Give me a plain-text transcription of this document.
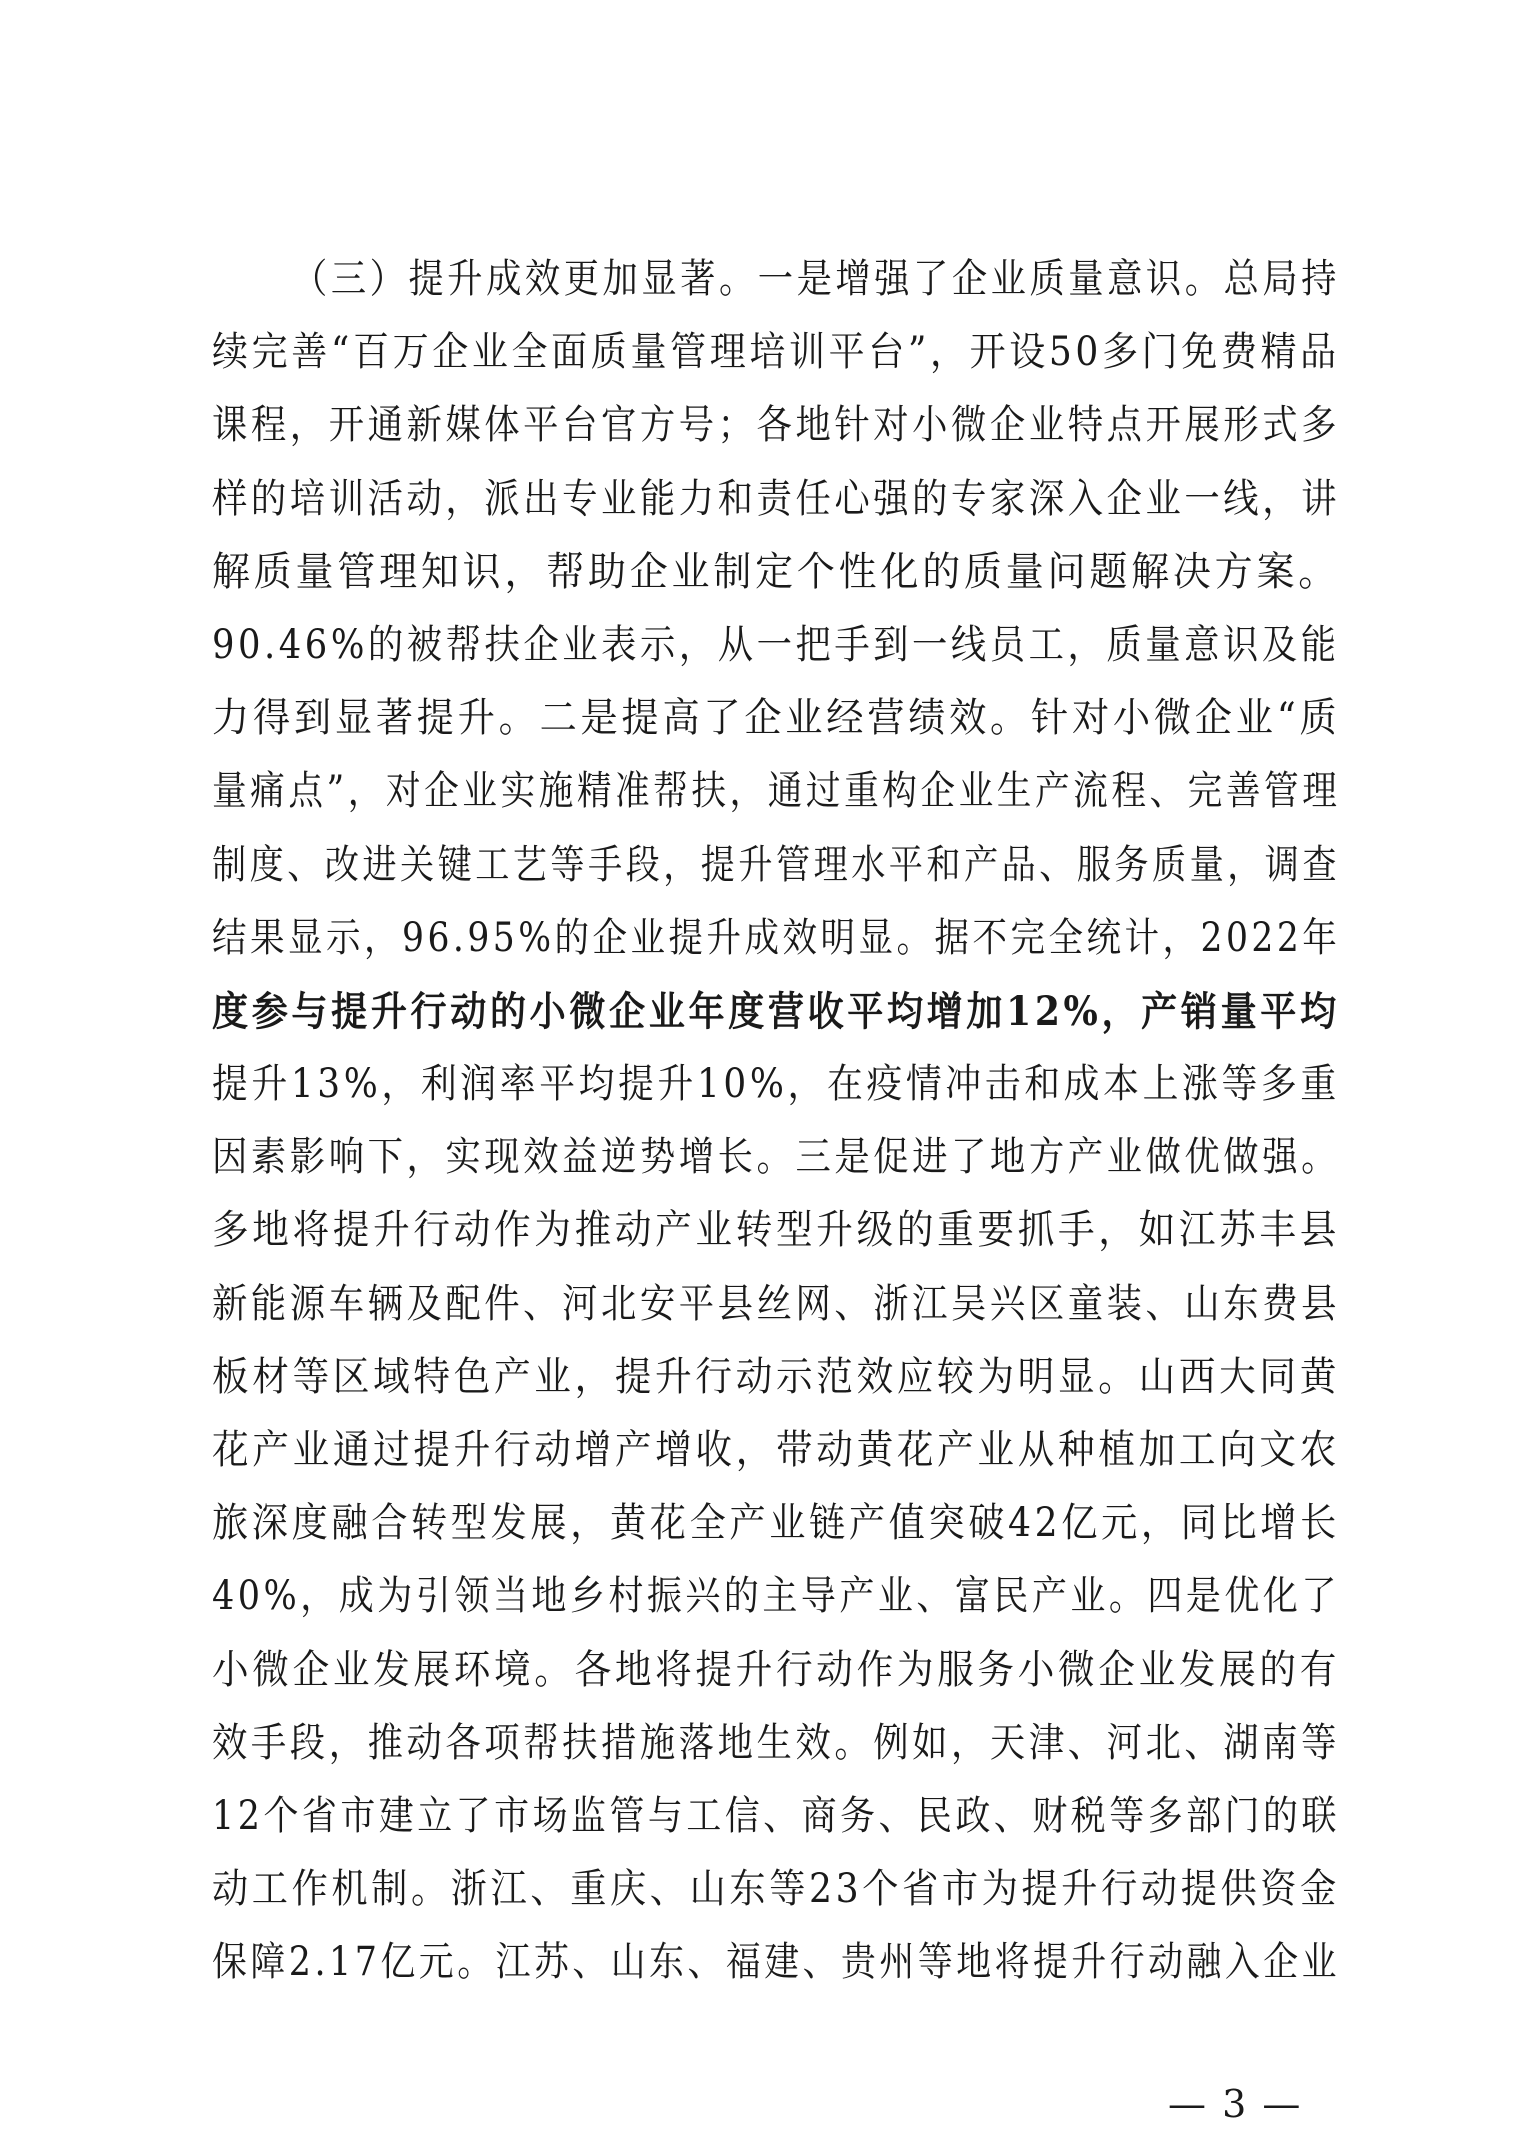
（三）提升成效更加显著。一是增强了企业质量意识。总局持
续完善“百万企业全面质量管理培训平台”，开设50多门免费精品
课程，开通新媒体平台官方号；各地针对小微企业特点开展形式多
样的培训活动，派出专业能力和责任心强的专家深入企业一线，讲
解质量管理知识，帮助企业制定个性化的质量问题解决方案。
90.46%的被帮扶企业表示，从一把手到一线员工，质量意识及能
力得到显著提升。二是提高了企业经营绩效。针对小微企业“质
量痛点”，对企业实施精准帮扶，通过重构企业生产流程、完善管理
制度、改进关键工艺等手段，提升管理水平和产品、服务质量，调查
结果显示，96.95%的企业提升成效明显。据不完全统计，2022年
度参与提升行动的小微企业年度营收平均增加12%，产销量平均
提升13%，利润率平均提升10%，在疫情冲击和成本上涨等多重
因素影响下，实现效益逆势增长。三是促进了地方产业做优做强。
多地将提升行动作为推动产业转型升级的重要抓手，如江苏丰县
新能源车辆及配件、河北安平县丝网、浙江吴兴区童装、山东费县
板材等区域特色产业，提升行动示范效应较为明显。山西大同黄
花产业通过提升行动增产增收，带动黄花产业从种植加工向文农
旅深度融合转型发展，黄花全产业链产值突破42亿元，同比增长
40%，成为引领当地乡村振兴的主导产业、富民产业。四是优化了
小微企业发展环境。各地将提升行动作为服务小微企业发展的有
效手段，推动各项帮扶措施落地生效。例如，天津、河北、湖南等
12个省市建立了市场监管与工信、商务、民政、财税等多部门的联
动工作机制。浙江、重庆、山东等23个省市为提升行动提供资金
保障2.17亿元。江苏、山东、福建、贵州等地将提升行动融入企业
— 3 —
